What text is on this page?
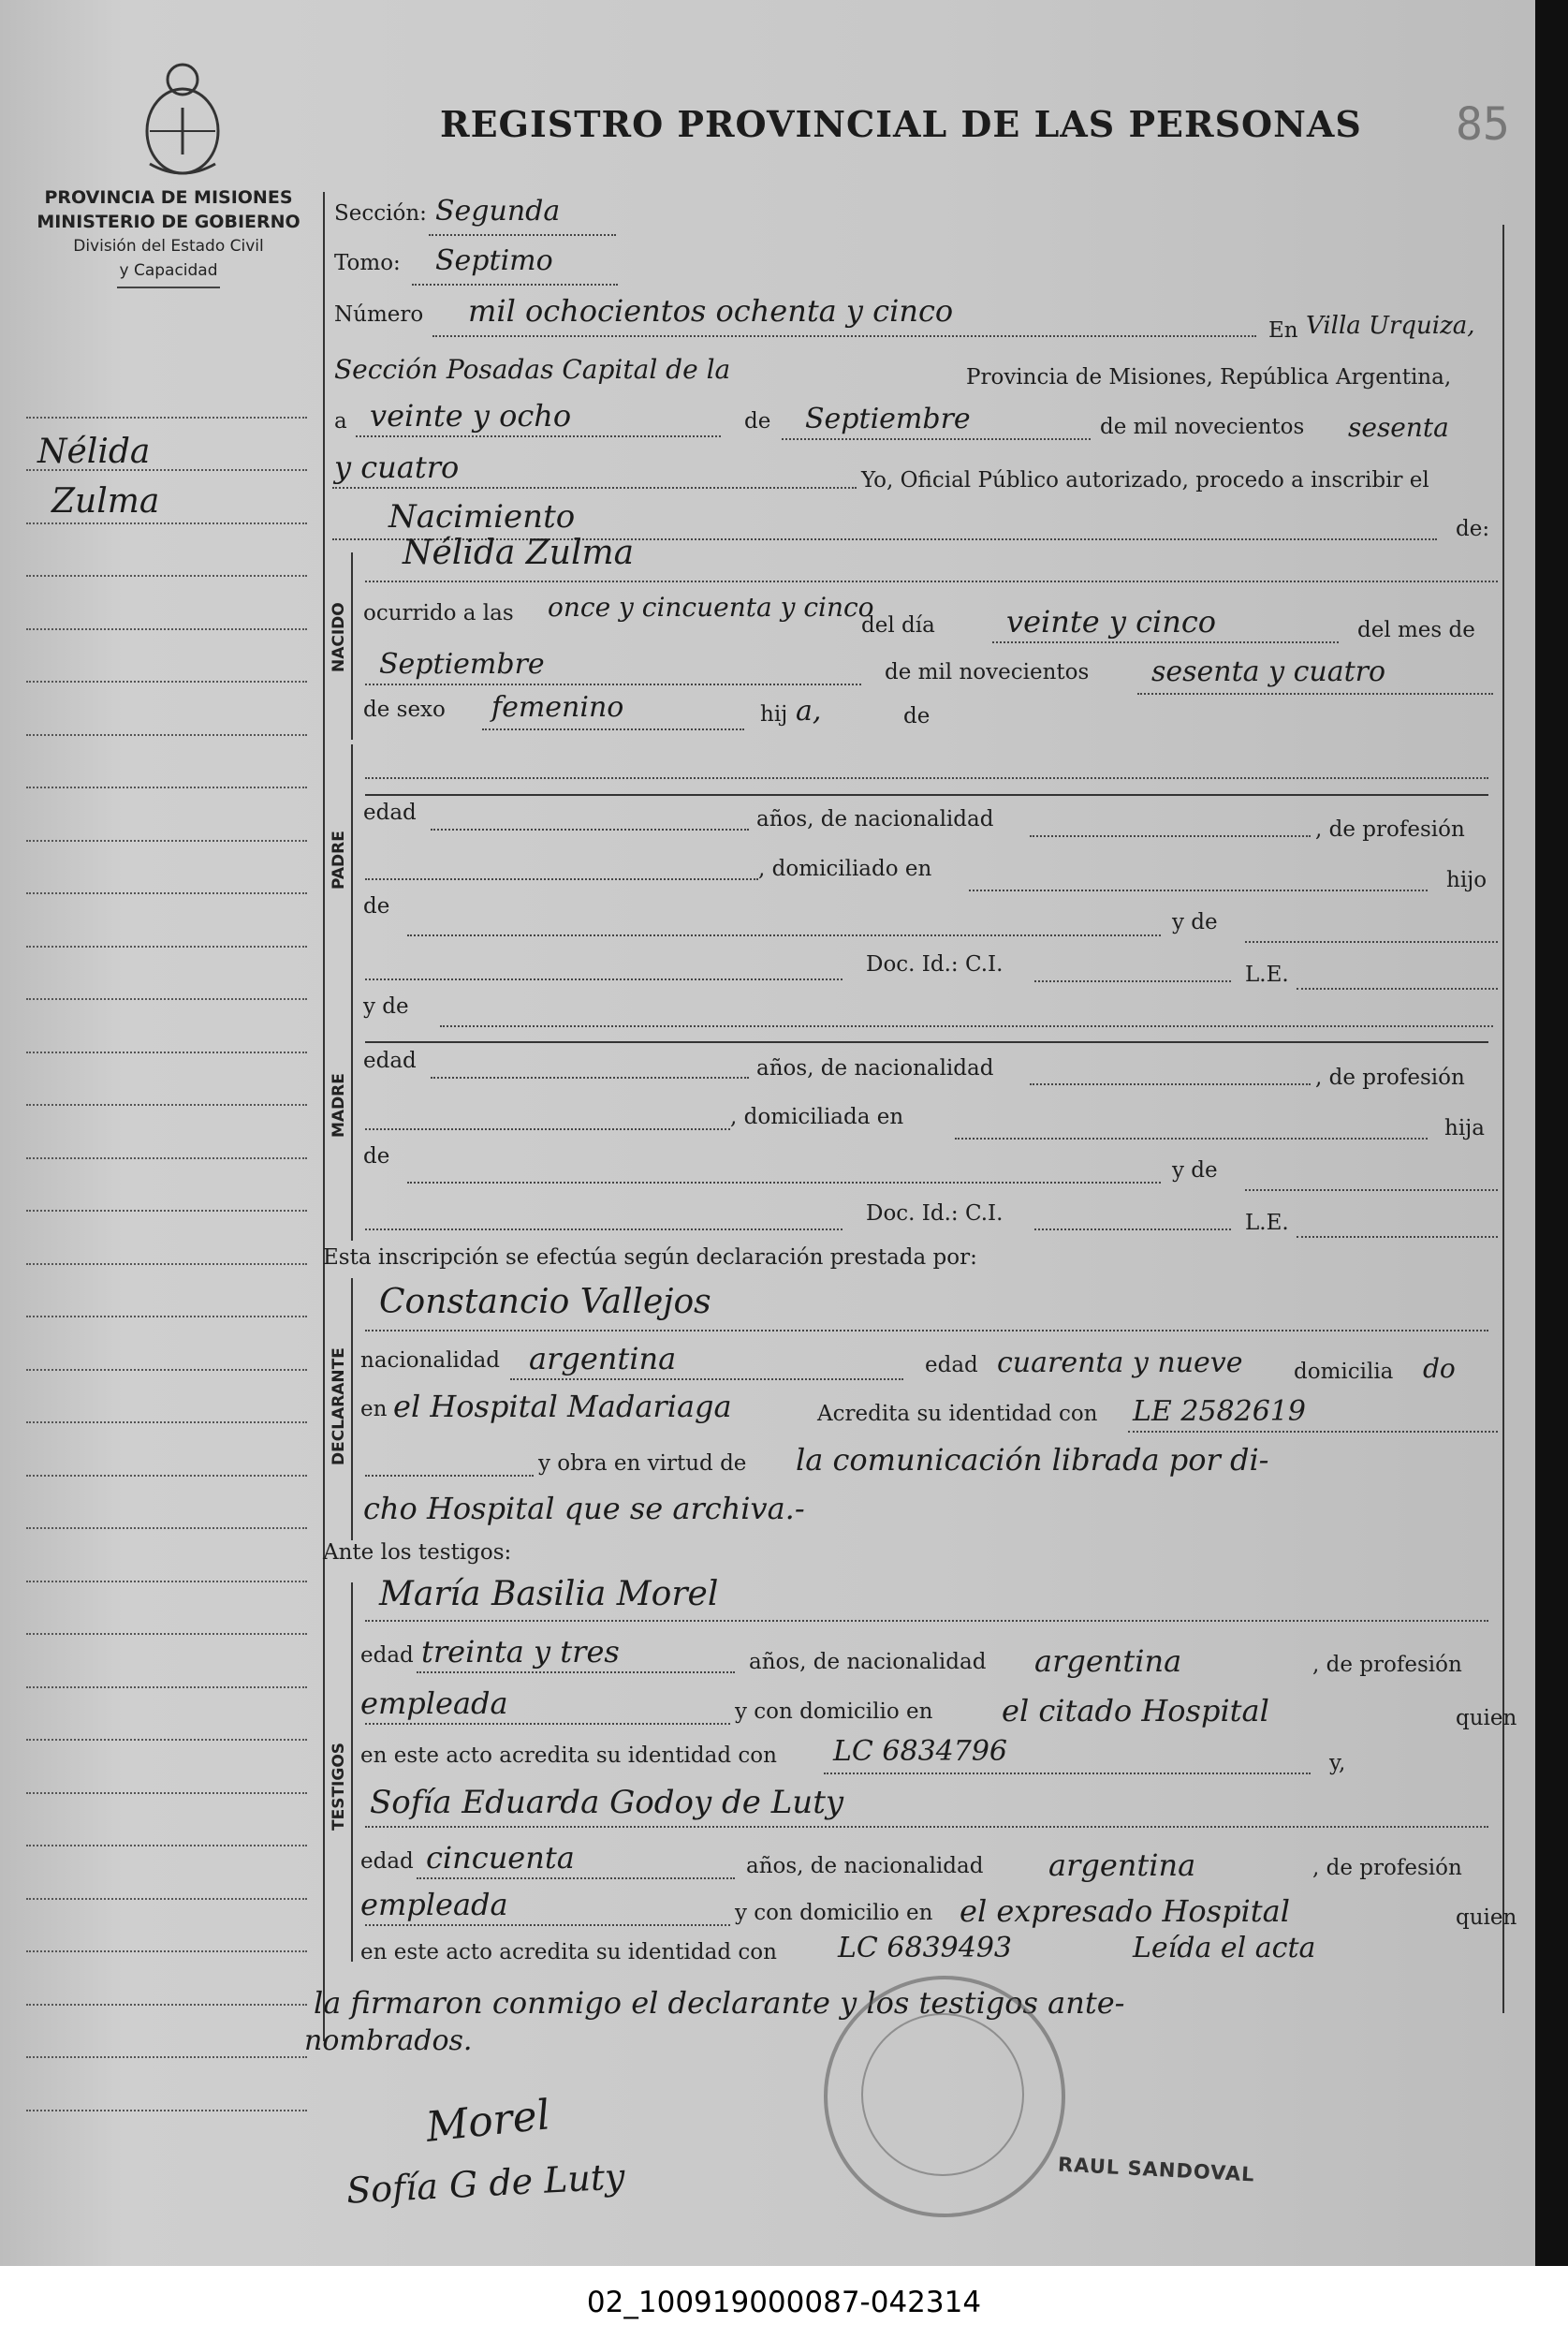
REGISTRO PROVINCIAL DE LAS PERSONAS 85
PROVINCIA DE MISIONES
MINISTERIO DE GOBIERNO
División del Estado Civil
y Capacidad
Nélida
Zulma
Sección: Segunda
Tomo: Septimo
Número mil ochocientos ochenta y cinco
En Villa Urquiza,
Sección Posadas Capital de la	Provincia de Misiones, República Argentina,
a veinte y ocho	de Septiembre	de mil novecientos sesenta
y cuatro	Yo, Oficial Público autorizado, procedo a inscribir el
Nacimiento	de:
NACIDO
Nélida Zulma
ocurrido a las once y cincuenta y cinco
del día veinte y cinco	del mes de
Septiembre	de mil novecientos sesenta y cuatro
de sexo femenino	hij a,	de
PADRE
edad	años, de nacionalidad	, de profesión
, domiciliado en	hijo
de
y de
Doc. Id.: C.I.	L.E.
y de
MADRE
edad	años, de nacionalidad	, de profesión
, domiciliada en	hija
de
y de
Doc. Id.: C.I.	L.E.
Esta inscripción se efectúa según declaración prestada por:
DECLARANTE
Constancio Vallejos
nacionalidad argentina	edad cuarenta y nueve domicilia do
en el Hospital Madariaga	Acredita su identidad con LE 2582619
y obra en virtud de la comunicación librada por di-
cho Hospital que se archiva.-
Ante los testigos:
TESTIGOS
María Basilia Morel
edad treinta y tres	años, de nacionalidad argentina	, de profesión
empleada	y con domicilio en el citado Hospital	quien
en este acto acredita su identidad con LC 6834796	y,
Sofía Eduarda Godoy de Luty
edad cincuenta	años, de nacionalidad argentina	, de profesión
empleada	y con domicilio en el expresado Hospital	quien
en este acto acredita su identidad con LC 6839493	Leída el acta
la firmaron conmigo el declarante y los testigos ante-
nombrados.
Morel
Sofía G de Luty	RAUL SANDOVAL
02_100919000087-042314
